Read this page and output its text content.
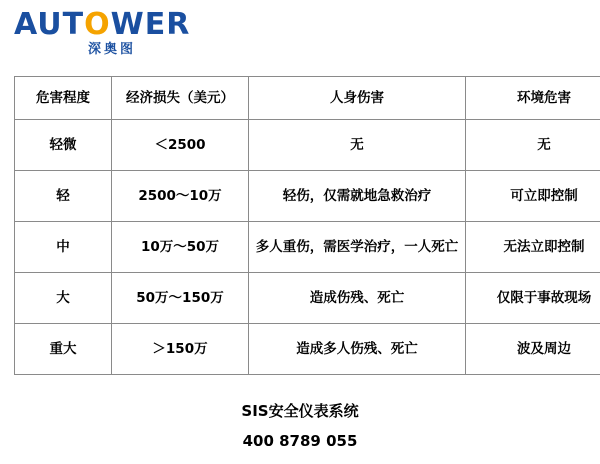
AUTOWER
深奥图
危害程度	经济损失（美元）	人身伤害	环境危害
轻微	＜2500	无	无
轻	2500～10万	轻伤，仅需就地急救治疗	可立即控制
中	10万～50万	多人重伤，需医学治疗，一人死亡	无法立即控制
大	50万～150万	造成伤残、死亡	仅限于事故现场
重大	＞150万	造成多人伤残、死亡	波及周边
SIS安全仪表系统
400 8789 055
